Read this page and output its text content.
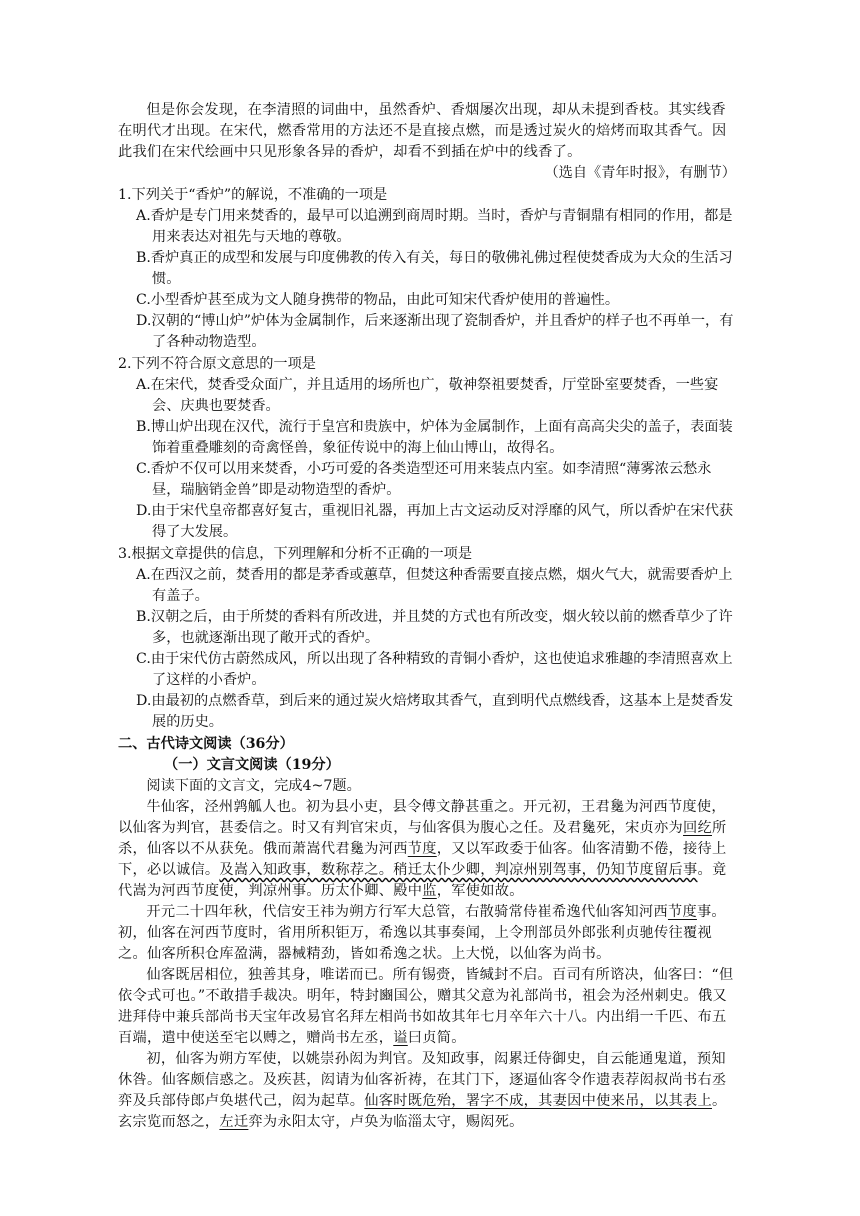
但是你会发现，在李清照的词曲中，虽然香炉、香烟屡次出现，却从未提到香枝。其实线香在明代才出现。在宋代，燃香常用的方法还不是直接点燃，而是透过炭火的焙烤而取其香气。因此我们在宋代绘画中只见形象各异的香炉，却看不到插在炉中的线香了。

（选自《青年时报》，有删节）

1.下列关于“香炉”的解说，不准确的一项是

A.香炉是专门用来焚香的，最早可以追溯到商周时期。当时，香炉与青铜鼎有相同的作用，都是用来表达对祖先与天地的尊敬。

B.香炉真正的成型和发展与印度佛教的传入有关，每日的敬佛礼佛过程使焚香成为大众的生活习惯。

C.小型香炉甚至成为文人随身携带的物品，由此可知宋代香炉使用的普遍性。

D.汉朝的“博山炉”炉体为金属制作，后来逐渐出现了瓷制香炉，并且香炉的样子也不再单一，有了各种动物造型。

2.下列不符合原文意思的一项是

A.在宋代，焚香受众面广，并且适用的场所也广，敬神祭祖要焚香，厅堂卧室要焚香，一些宴会、庆典也要焚香。

B.博山炉出现在汉代，流行于皇宫和贵族中，炉体为金属制作，上面有高高尖尖的盖子，表面装饰着重叠雕刻的奇禽怪兽，象征传说中的海上仙山博山，故得名。

C.香炉不仅可以用来焚香，小巧可爱的各类造型还可用来装点内室。如李清照“薄雾浓云愁永昼，瑞脑销金兽”即是动物造型的香炉。

D.由于宋代皇帝都喜好复古，重视旧礼器，再加上古文运动反对浮靡的风气，所以香炉在宋代获得了大发展。

3.根据文章提供的信息，下列理解和分析不正确的一项是

A.在西汉之前，焚香用的都是茅香或蕙草，但焚这种香需要直接点燃，烟火气大，就需要香炉上有盖子。

B.汉朝之后，由于所焚的香料有所改进，并且焚的方式也有所改变，烟火较以前的燃香草少了许多，也就逐渐出现了敞开式的香炉。

C.由于宋代仿古蔚然成风，所以出现了各种精致的青铜小香炉，这也使追求雅趣的李清照喜欢上了这样的小香炉。

D.由最初的点燃香草，到后来的通过炭火焙烤取其香气，直到明代点燃线香，这基本上是焚香发展的历史。

二、古代诗文阅读（36分）

（一）文言文阅读（19分）

阅读下面的文言文，完成4~7题。

牛仙客，泾州鹑觚人也。初为县小吏，县令傅文静甚重之。开元初，王君毚为河西节度使，以仙客为判官，甚委信之。时又有判官宋贞，与仙客俱为腹心之任。及君毚死，宋贞亦为回纥所杀，仙客以不从获免。俄而萧嵩代君毚为河西节度，又以军政委于仙客。仙客清勤不倦，接待上下，必以诚信。及嵩入知政事，数称荐之。稍迁太仆少卿，判凉州别驾事，仍知节度留后事。竟代嵩为河西节度使，判凉州事。历太仆卿、殿中监，军使如故。

开元二十四年秋，代信安王祎为朔方行军大总管，右散骑常侍崔希逸代仙客知河西节度事。初，仙客在河西节度时，省用所积钜万，希逸以其事奏闻，上令刑部员外郎张利贞驰传往覆视之。仙客所积仓库盈满，器械精劲，皆如希逸之状。上大悦，以仙客为尚书。

仙客既居相位，独善其身，唯诺而已。所有锡赍，皆缄封不启。百司有所谘决，仙客曰：“但依令式可也。”不敢措手裁决。明年，特封豳国公，赠其父意为礼部尚书，祖会为泾州刺史。俄又进拜侍中兼兵部尚书天宝年改易官名拜左相尚书如故其年七月卒年六十八。内出绢一千匹、布五百端，遣中使送至宅以赙之，赠尚书左丞，谥曰贞简。

初，仙客为朔方军使，以姚崇孙闳为判官。及知政事，闳累迁侍御史，自云能通鬼道，预知休咎。仙客颇信惑之。及疾甚，闳请为仙客祈祷，在其门下，逐逼仙客令作遗表荐闳叔尚书右丞弈及兵部侍郎卢奂堪代己，闳为起草。仙客时既危殆，署字不成，其妻因中使来吊，以其表上。玄宗览而怒之，左迁弈为永阳太守，卢奂为临淄太守，赐闳死。
